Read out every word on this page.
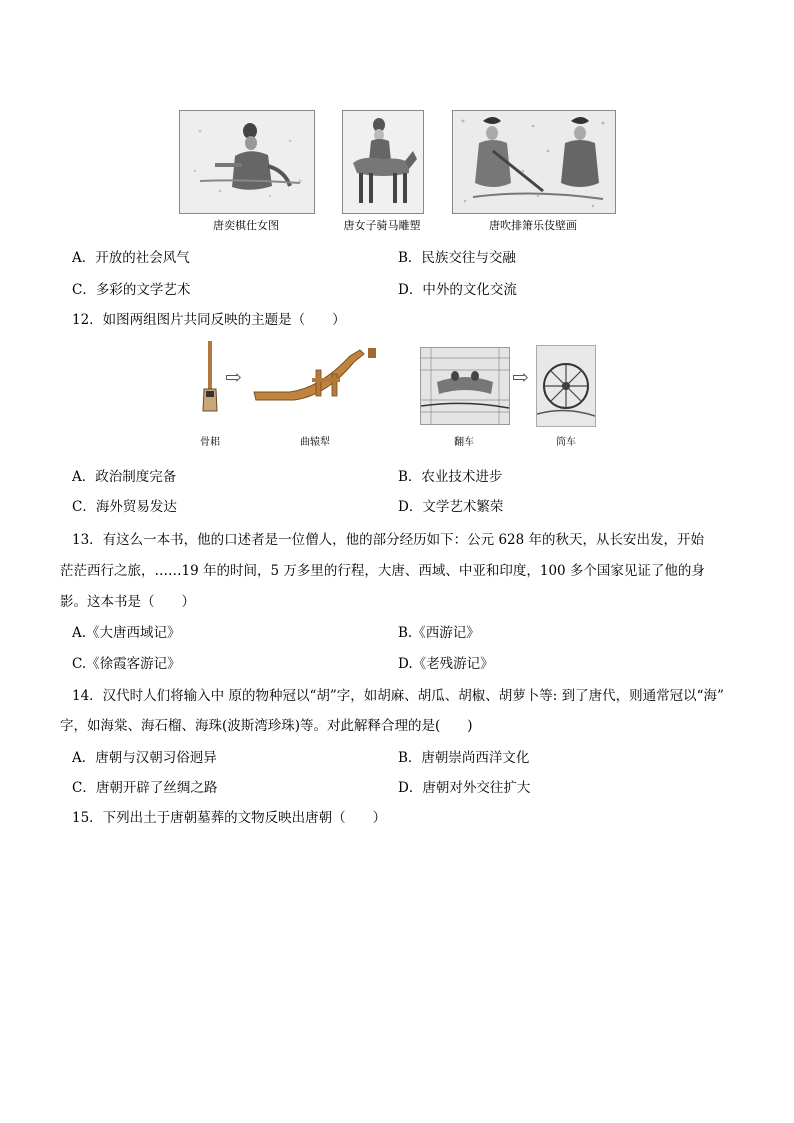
唐奕棋仕女图	唐女子骑马雕塑	唐吹排箫乐伎壁画
A．开放的社会风气	B．民族交往与交融
C．多彩的文学艺术	D．中外的文化交流
12．如图两组图片共同反映的主题是（　　）
骨耜
⇨
曲辕犁	翻车
⇨
筒车
A．政治制度完备	B．农业技术进步
C．海外贸易发达	D．文学艺术繁荣
13．有这么一本书，他的口述者是一位僧人，他的部分经历如下：公元 628 年的秋天，从长安出发，开始
茫茫西行之旅，……19 年的时间，5 万多里的行程，大唐、西域、中亚和印度，100 多个国家见证了他的身
影。这本书是（　　）
A.《大唐西域记》	B.《西游记》
C.《徐霞客游记》	D.《老残游记》
14．汉代时人们将输入中 原的物种冠以“胡”字，如胡麻、胡瓜、胡椒、胡萝卜等: 到了唐代，则通常冠以“海”
字，如海棠、海石榴、海珠(波斯湾珍珠)等。对此解释合理的是(　　)
A．唐朝与汉朝习俗迥异	B．唐朝崇尚西洋文化
C．唐朝开辟了丝绸之路	D．唐朝对外交往扩大
15．下列出土于唐朝墓葬的文物反映出唐朝（　　）
